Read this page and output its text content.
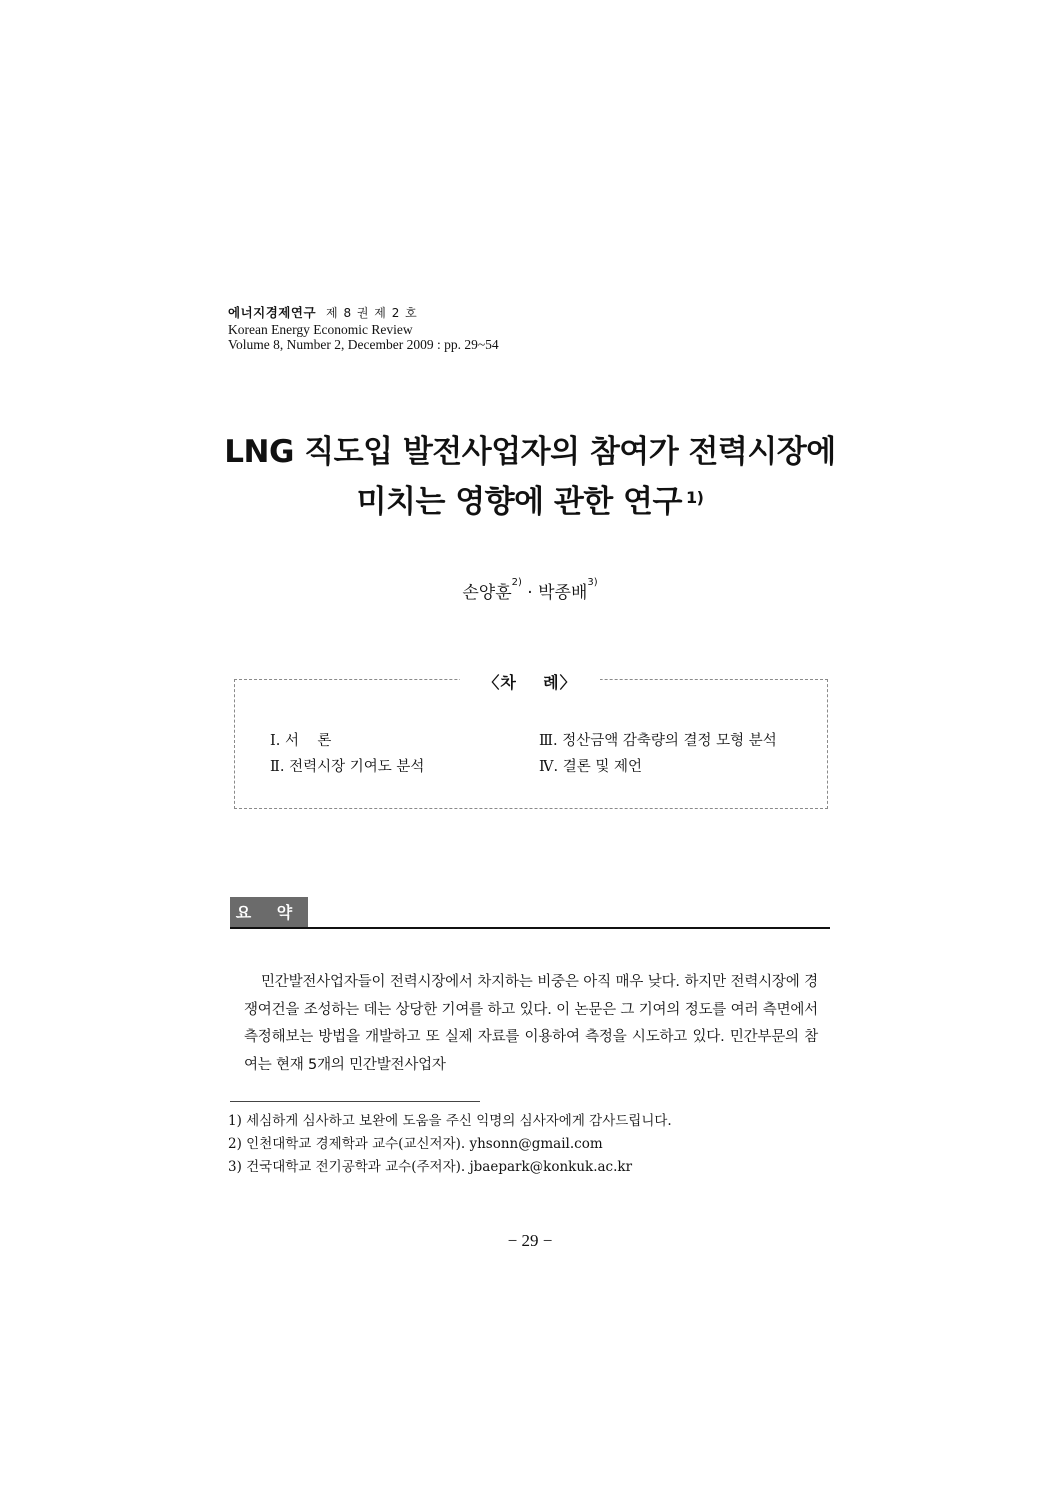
에너지경제연구 제 8 권 제 2 호
Korean Energy Economic Review
Volume 8, Number 2, December 2009 : pp. 29~54
LNG 직도입 발전사업자의 참여가 전력시장에
미치는 영향에 관한 연구 $^{1)}$
손양훈$^{2)}$ · 박종배$^{3)}$
〈차    례〉
Ⅰ. 서    론
Ⅱ. 전력시장 기여도 분석
Ⅲ. 정산금액 감축량의 결정 모형 분석
Ⅳ. 결론 및 제언
요 약
민간발전사업자들이 전력시장에서 차지하는 비중은 아직 매우 낮다. 하지만 전력시장에 경쟁여건을 조성하는 데는 상당한 기여를 하고 있다. 이 논문은 그 기여의 정도를 여러 측면에서 측정해보는 방법을 개발하고 또 실제 자료를 이용하여 측정을 시도하고 있다. 민간부문의 참여는 현재 5개의 민간발전사업자
1) 세심하게 심사하고 보완에 도움을 주신 익명의 심사자에게 감사드립니다.
2) 인천대학교 경제학과 교수(교신저자). yhsonn@gmail.com
3) 건국대학교 전기공학과 교수(주저자). jbaepark@konkuk.ac.kr
− 29 −
